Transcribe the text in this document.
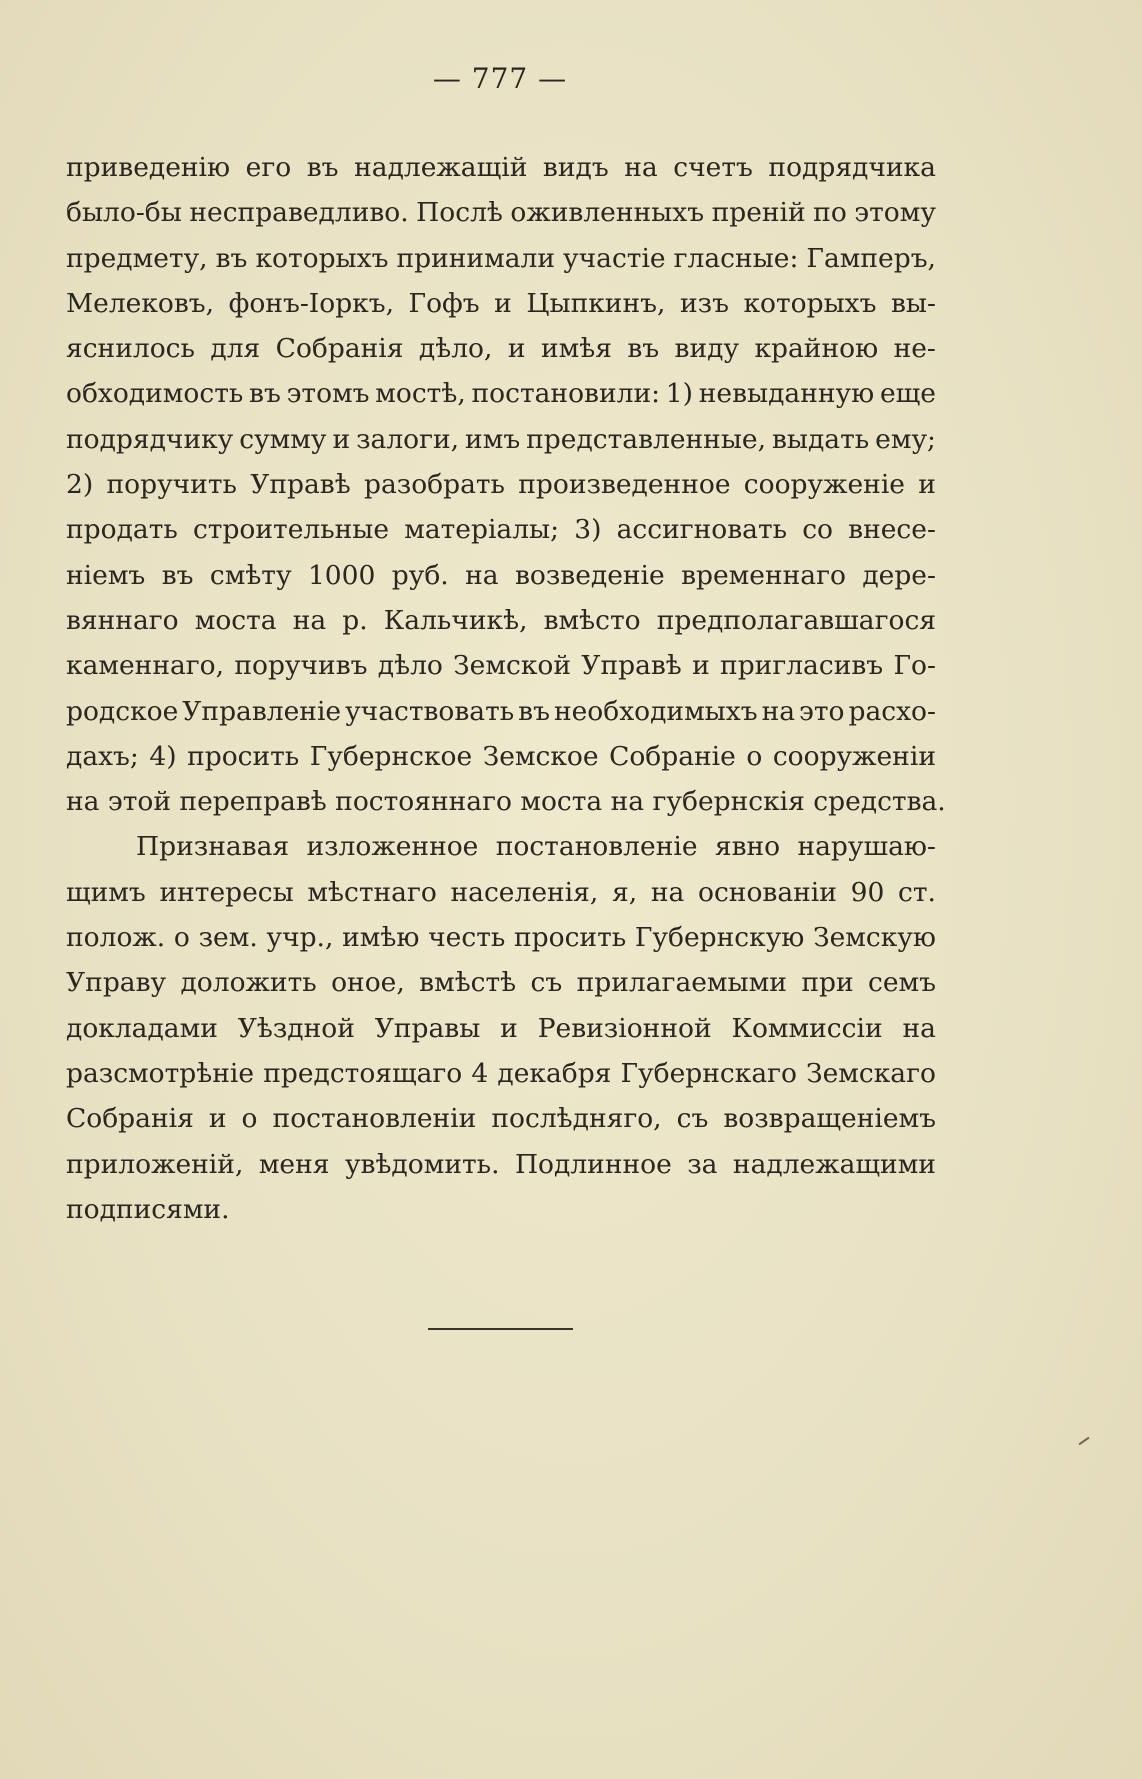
— 777 —
приведенію его въ надлежащій видъ на счетъ подрядчика
было-бы несправедливо. Послѣ оживленныхъ преній по этому
предмету, въ которыхъ принимали участіе гласные: Гамперъ,
Мелековъ, фонъ-Іоркъ, Гофъ и Цыпкинъ, изъ которыхъ вы-
яснилось для Собранія дѣло, и имѣя въ виду крайною не-
обходимость въ этомъ мостѣ, постановили: 1) невыданную еще
подрядчику сумму и залоги, имъ представленные, выдать ему;
2) поручить Управѣ разобрать произведенное сооруженіе и
продать строительные матеріалы; 3) ассигновать со внесе-
ніемъ въ смѣту 1000 руб. на возведеніе временнаго дере-
вяннаго моста на р. Кальчикѣ, вмѣсто предполагавшагося
каменнаго, поручивъ дѣло Земской Управѣ и пригласивъ Го-
родское Управленіе участвовать въ необходимыхъ на это расхо-
дахъ; 4) просить Губернское Земское Собраніе о сооруженіи
на этой переправѣ постояннаго моста на губернскія средства.
Признавая изложенное постановленіе явно нарушаю-
щимъ интересы мѣстнаго населенія, я, на основаніи 90 ст.
полож. о зем. учр., имѣю честь просить Губернскую Земскую
Управу доложить оное, вмѣстѣ съ прилагаемыми при семъ
докладами Уѣздной Управы и Ревизіонной Коммиссіи на
разсмотрѣніе предстоящаго 4 декабря Губернскаго Земскаго
Собранія и о постановленіи послѣдняго, съ возвращеніемъ
приложеній, меня увѣдомить. Подлинное за надлежащими
подписями.
